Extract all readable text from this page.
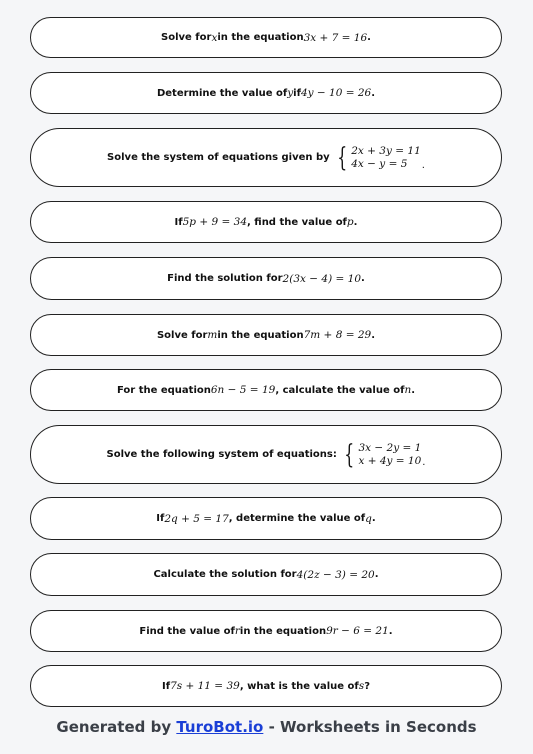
Solve for x in the equation 3x + 7 = 16 .
Determine the value of y if 4y − 10 = 26 .
Solve the system of equations given by { 2x + 3y = 11
4x − y = 5	.
If 5p + 9 = 34 , find the value of p .
Find the solution for 2(3x − 4) = 10 .
Solve for m in the equation 7m + 8 = 29 .
For the equation 6n − 5 = 19 , calculate the value of n .
Solve the following system of equations: { 3x − 2y = 1
x + 4y = 10 .
If 2q + 5 = 17 , determine the value of q .
Calculate the solution for 4(2z − 3) = 20 .
Find the value of r in the equation 9r − 6 = 21 .
If 7s + 11 = 39 , what is the value of s ?
Generated by TuroBot.io - Worksheets in Seconds
